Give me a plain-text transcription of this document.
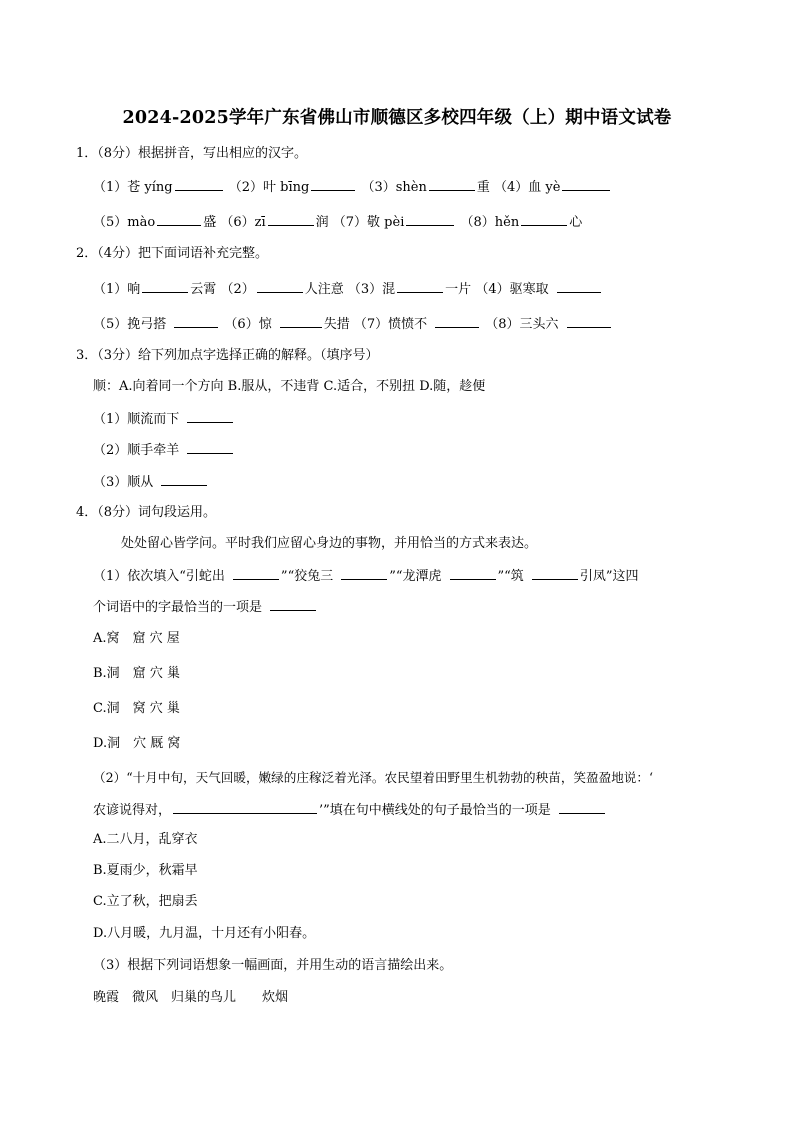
2024-2025学年广东省佛山市顺德区多校四年级（上）期中语文试卷
1．（8分）根据拼音，写出相应的汉字。
（1）苍 yíng	（2）叶 bīng	（3）shèn	重 （4）血 yè
（5）mào	盛 （6）zī	润 （7）敬 pèi	（8）hěn	心
2．（4分）把下面词语补充完整。
（1）响	云霄 （2）	人注意 （3）混	一片 （4）驱寒取
（5）挽弓搭	（6）惊	失措 （7）愤愤不	（8）三头六
3．（3分）给下列加点字选择正确的解释。（填序号）
顺：A.向着同一个方向 B.服从，不违背 C.适合，不别扭 D.随，趁便
（1）顺流而下
（2）顺手牵羊
（3）顺从
4．（8分）词句段运用。
处处留心皆学问。平时我们应留心身边的事物，并用恰当的方式来表达。
（1）依次填入“引蛇出	”“狡兔三	”“龙潭虎	”“筑	引凤”这四
个词语中的字最恰当的一项是
A.窝　窟 穴 屋
B.洞　窟 穴 巢
C.洞　窝 穴 巢
D.洞　穴 厩 窝
（2）“十月中旬，天气回暖，嫩绿的庄稼泛着光泽。农民望着田野里生机勃勃的秧苗，笑盈盈地说：‘
农谚说得对，	’”填在句中横线处的句子最恰当的一项是
A.二八月，乱穿衣
B.夏雨少，秋霜早
C.立了秋，把扇丢
D.八月暖，九月温，十月还有小阳春。
（3）根据下列词语想象一幅画面，并用生动的语言描绘出来。
晚霞　微风　归巢的鸟儿　　炊烟
